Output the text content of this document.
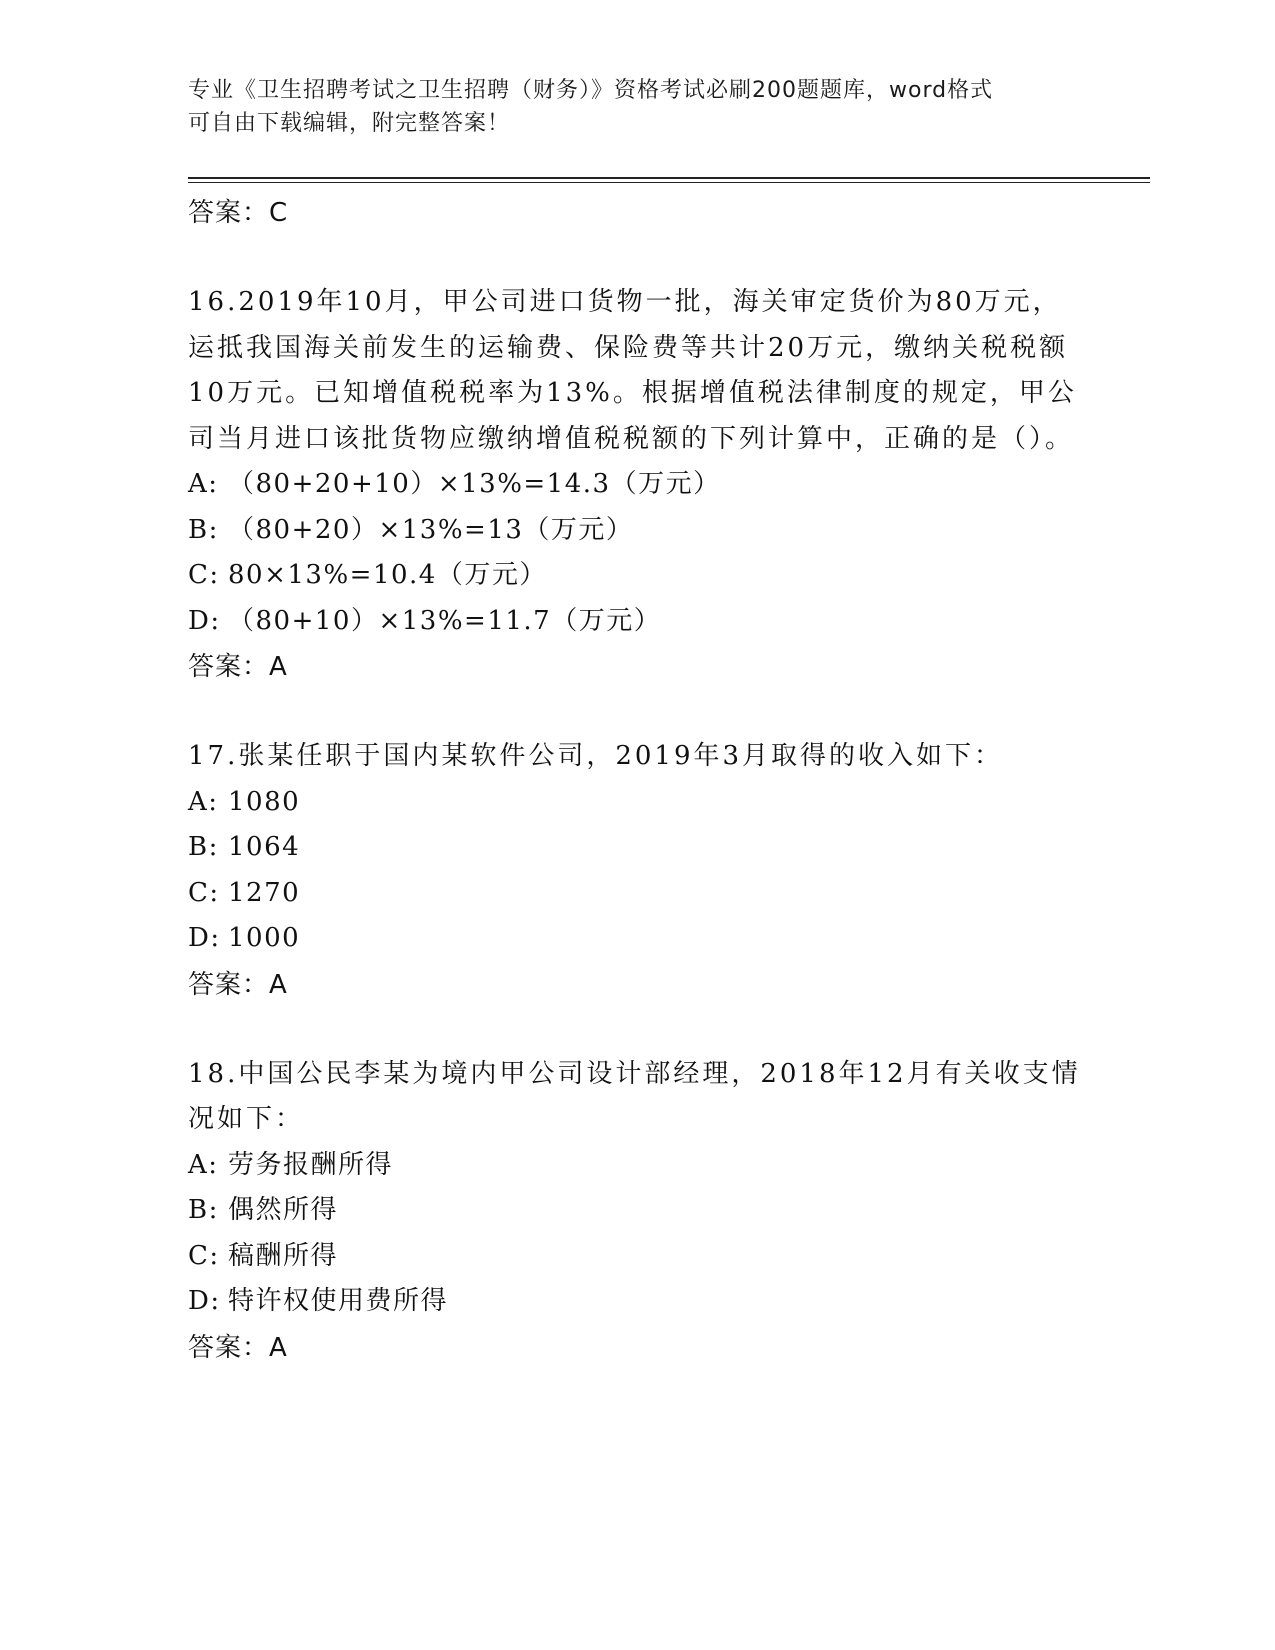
专业《卫生招聘考试之卫生招聘（财务）》资格考试必刷200题题库，word格式
可自由下载编辑，附完整答案！
答案：C
16.2019年10月，甲公司进口货物一批，海关审定货价为80万元，运抵我国海关前发生的运输费、保险费等共计20万元，缴纳关税税额10万元。已知增值税税率为13%。根据增值税法律制度的规定，甲公司当月进口该批货物应缴纳增值税税额的下列计算中，正确的是（）。
A: （80+20+10）×13%=14.3（万元）
B: （80+20）×13%=13（万元）
C: 80×13%=10.4（万元）
D: （80+10）×13%=11.7（万元）
答案：A
17.张某任职于国内某软件公司，2019年3月取得的收入如下：
A: 1080
B: 1064
C: 1270
D: 1000
答案：A
18.中国公民李某为境内甲公司设计部经理，2018年12月有关收支情况如下：
A: 劳务报酬所得
B: 偶然所得
C: 稿酬所得
D: 特许权使用费所得
答案：A
